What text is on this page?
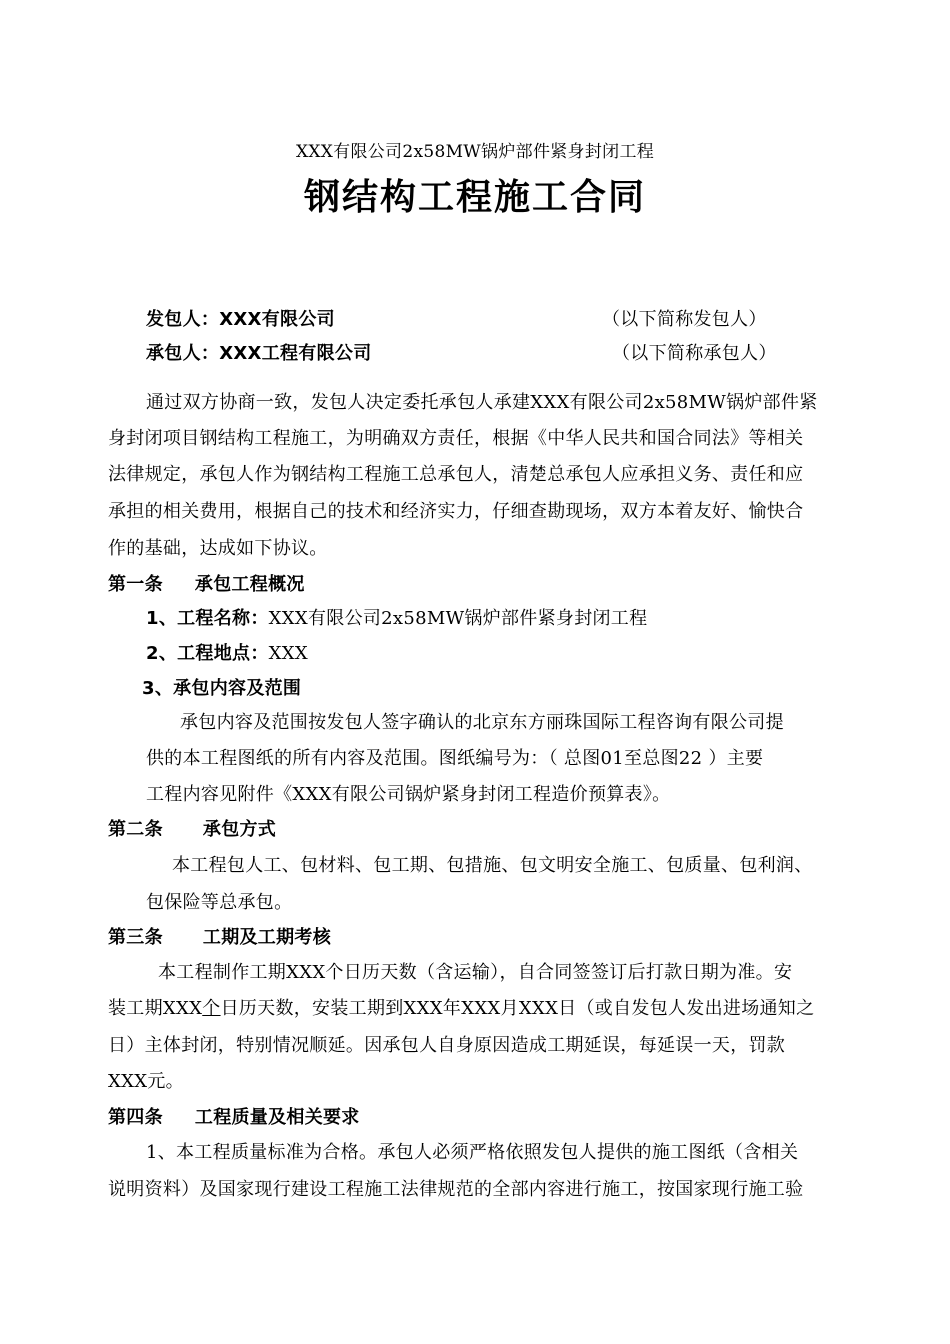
XXX有限公司2x58MW锅炉部件紧身封闭工程
钢结构工程施工合同
发包人：XXX有限公司	（以下简称发包人）
承包人：XXX工程有限公司	（以下简称承包人）
通过双方协商一致，发包人决定委托承包人承建XXX有限公司2x58MW锅炉部件紧
身封闭项目钢结构工程施工，为明确双方责任，根据《中华人民共和国合同法》等相关
法律规定，承包人作为钢结构工程施工总承包人，清楚总承包人应承担义务、责任和应
承担的相关费用，根据自己的技术和经济实力，仔细查勘现场，双方本着友好、愉快合
作的基础，达成如下协议。
第一条 承包工程概况
1、工程名称：XXX有限公司2x58MW锅炉部件紧身封闭工程
2、工程地点：XXX
3、承包内容及范围
承包内容及范围按发包人签字确认的北京东方丽珠国际工程咨询有限公司提
供的本工程图纸的所有内容及范围。图纸编号为：（ 总图01至总图22 ）主要
工程内容见附件《XXX有限公司锅炉紧身封闭工程造价预算表》。
第二条 承包方式
本工程包人工、包材料、包工期、包措施、包文明安全施工、包质量、包利润、
包保险等总承包。
第三条 工期及工期考核
本工程制作工期XXX个日历天数（含运输），自合同签签订后打款日期为准。安
装工期XXX个日历天数，安装工期到XXX年XXX月XXX日（或自发包人发出进场通知之
日）主体封闭，特别情况顺延。因承包人自身原因造成工期延误，每延误一天，罚款
XXX元。
第四条 工程质量及相关要求
1、本工程质量标准为合格。承包人必须严格依照发包人提供的施工图纸（含相关
说明资料）及国家现行建设工程施工法律规范的全部内容进行施工，按国家现行施工验
